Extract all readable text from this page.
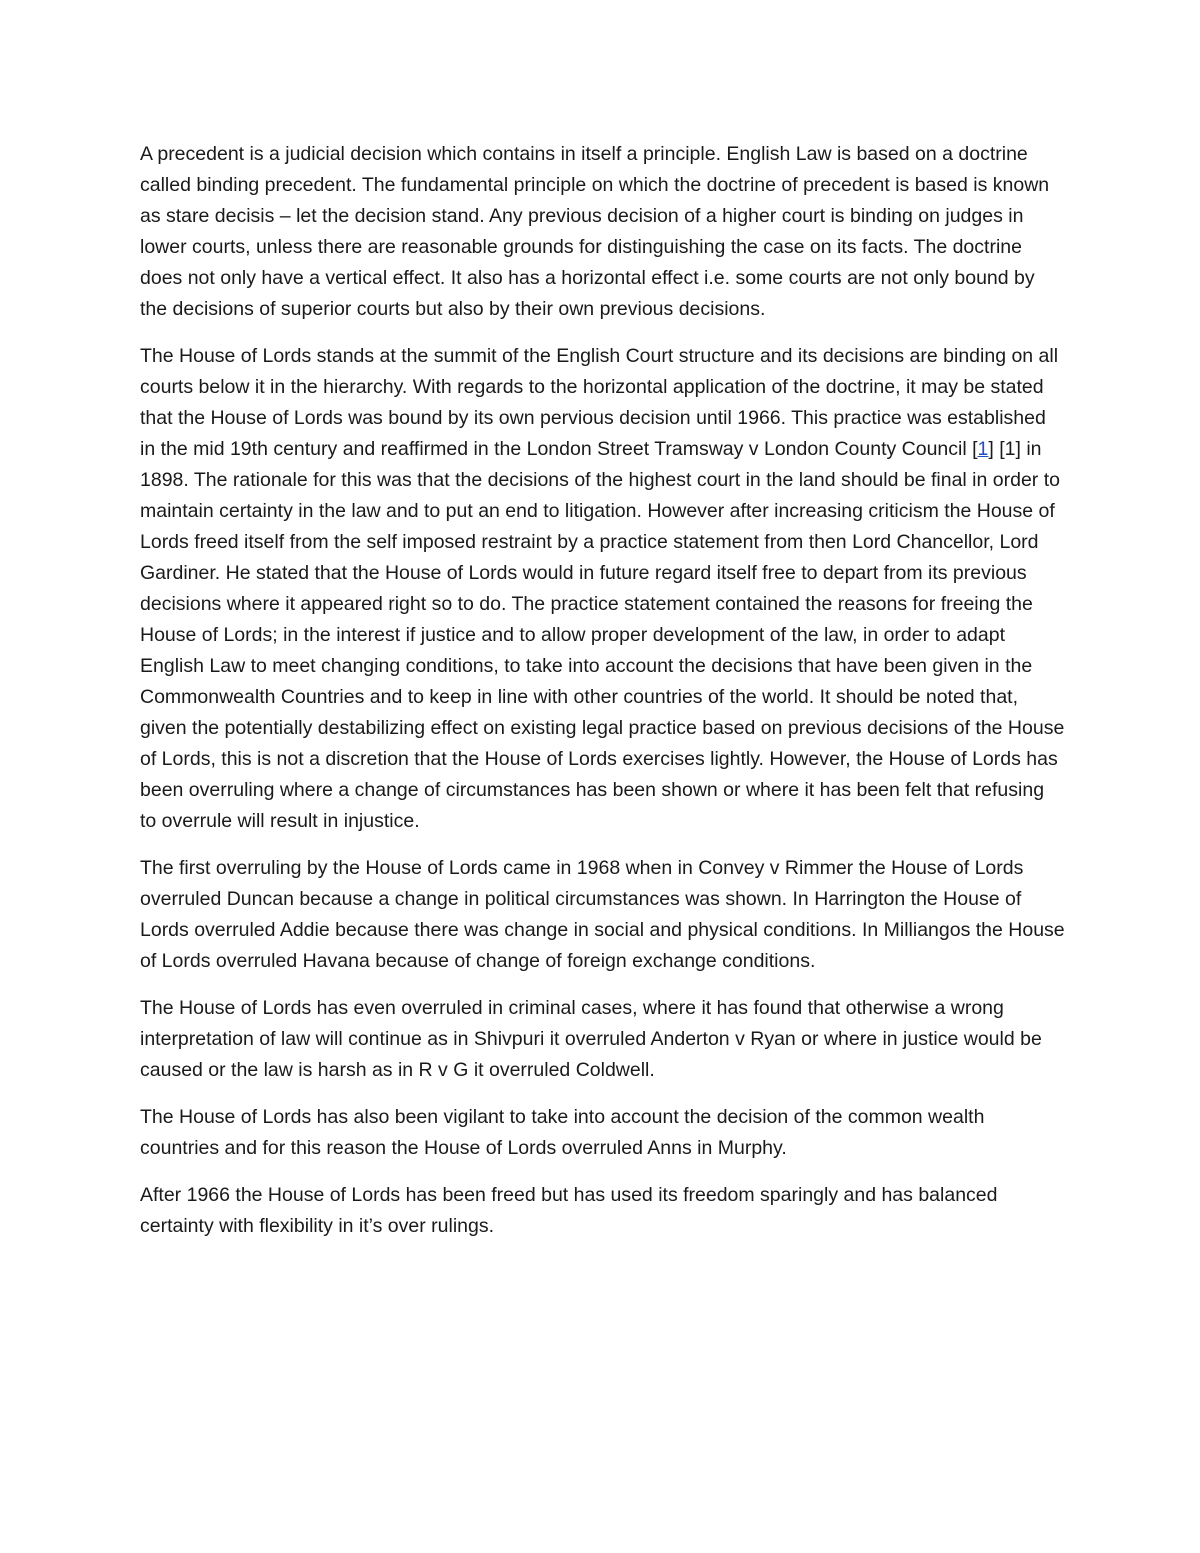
A precedent is a judicial decision which contains in itself a principle. English Law is based on a doctrine called binding precedent. The fundamental principle on which the doctrine of precedent is based is known as stare decisis – let the decision stand. Any previous decision of a higher court is binding on judges in lower courts, unless there are reasonable grounds for distinguishing the case on its facts. The doctrine does not only have a vertical effect. It also has a horizontal effect i.e. some courts are not only bound by the decisions of superior courts but also by their own previous decisions.

The House of Lords stands at the summit of the English Court structure and its decisions are binding on all courts below it in the hierarchy. With regards to the horizontal application of the doctrine, it may be stated that the House of Lords was bound by its own pervious decision until 1966. This practice was established in the mid 19th century and reaffirmed in the London Street Tramsway v London County Council [1] [1] in 1898. The rationale for this was that the decisions of the highest court in the land should be final in order to maintain certainty in the law and to put an end to litigation. However after increasing criticism the House of Lords freed itself from the self imposed restraint by a practice statement from then Lord Chancellor, Lord Gardiner. He stated that the House of Lords would in future regard itself free to depart from its previous decisions where it appeared right so to do. The practice statement contained the reasons for freeing the House of Lords; in the interest if justice and to allow proper development of the law, in order to adapt English Law to meet changing conditions, to take into account the decisions that have been given in the Commonwealth Countries and to keep in line with other countries of the world. It should be noted that, given the potentially destabilizing effect on existing legal practice based on previous decisions of the House of Lords, this is not a discretion that the House of Lords exercises lightly. However, the House of Lords has been overruling where a change of circumstances has been shown or where it has been felt that refusing to overrule will result in injustice.

The first overruling by the House of Lords came in 1968 when in Convey v Rimmer the House of Lords overruled Duncan because a change in political circumstances was shown. In Harrington the House of Lords overruled Addie because there was change in social and physical conditions. In Milliangos the House of Lords overruled Havana because of change of foreign exchange conditions.

The House of Lords has even overruled in criminal cases, where it has found that otherwise a wrong interpretation of law will continue as in Shivpuri it overruled Anderton v Ryan or where in justice would be caused or the law is harsh as in R v G it overruled Coldwell.

The House of Lords has also been vigilant to take into account the decision of the common wealth countries and for this reason the House of Lords overruled Anns in Murphy.

After 1966 the House of Lords has been freed but has used its freedom sparingly and has balanced certainty with flexibility in it’s over rulings.
